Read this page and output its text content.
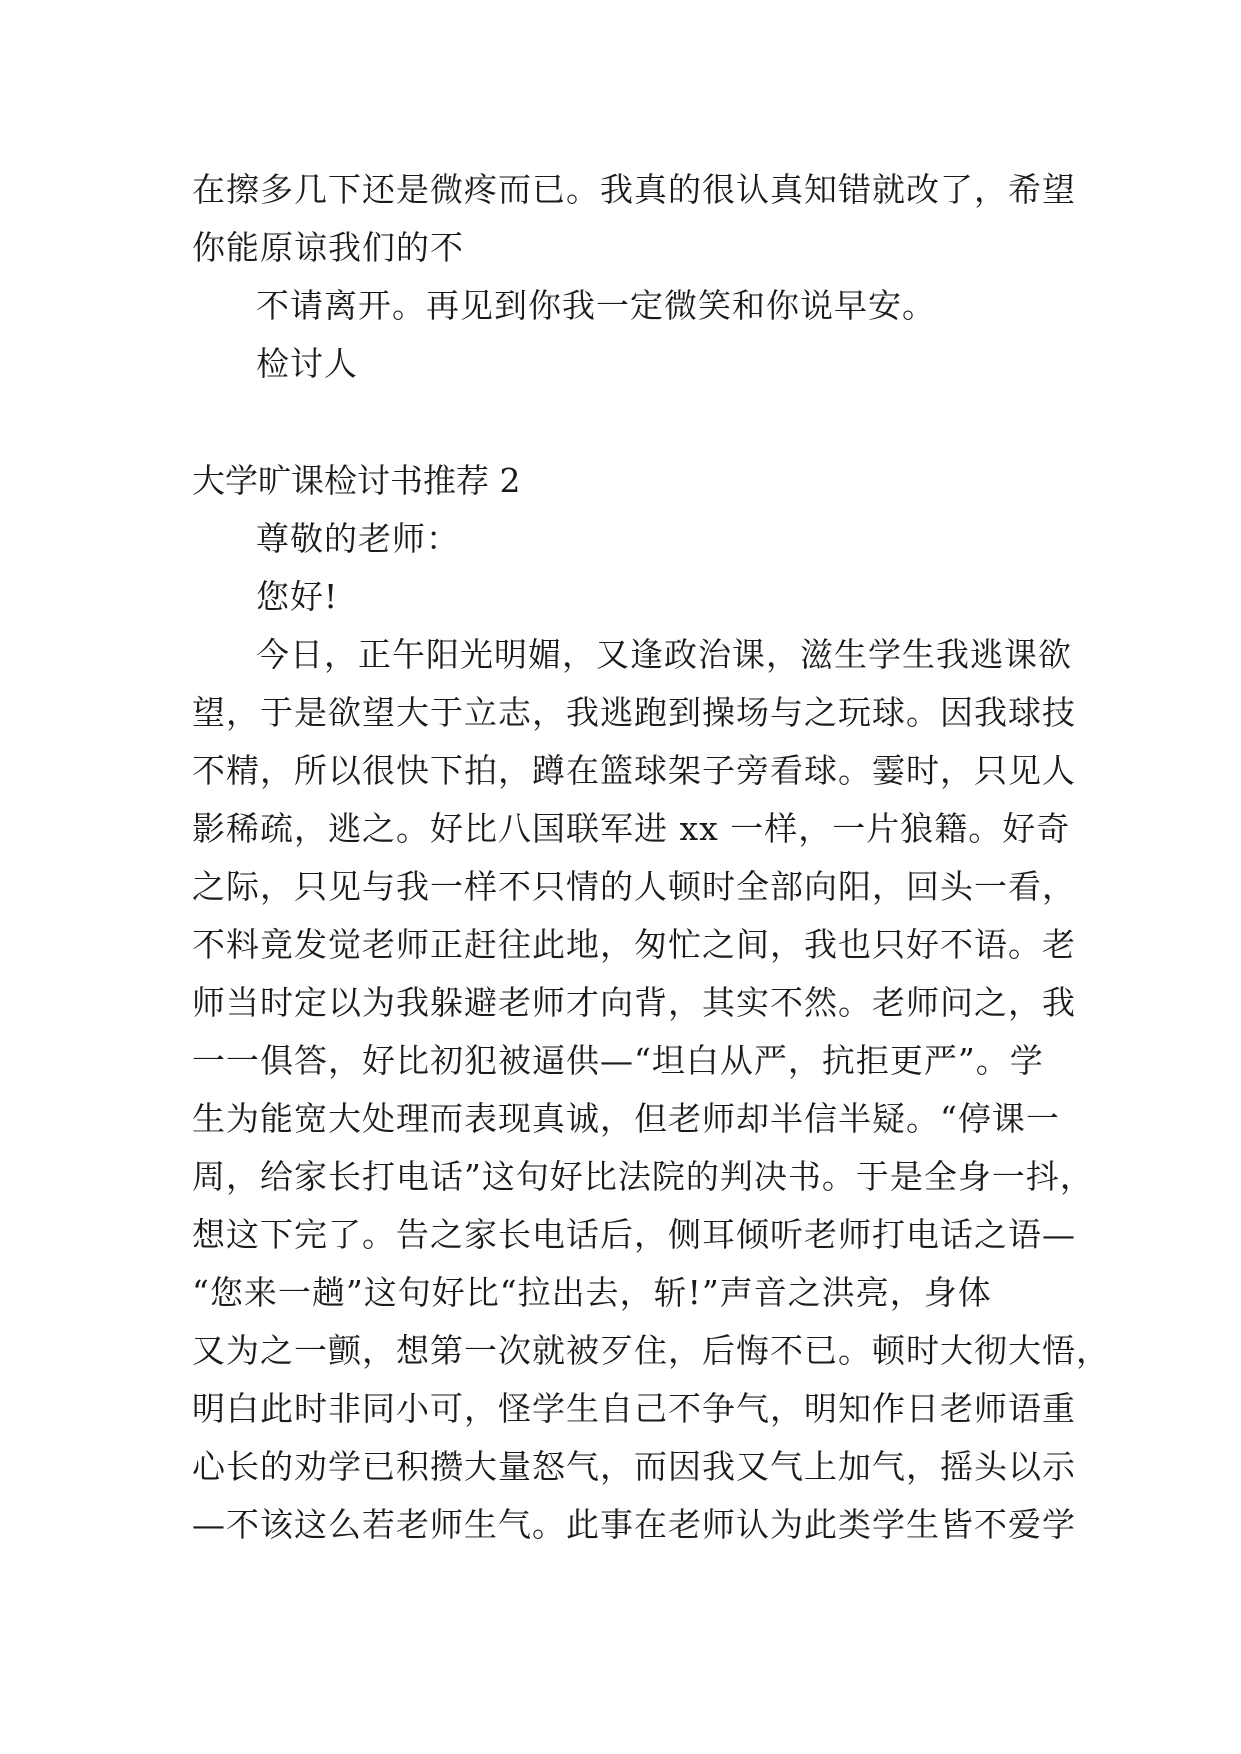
在擦多几下还是微疼而已。我真的很认真知错就改了，希望
你能原谅我们的不
不请离开。再见到你我一定微笑和你说早安。
检讨人
大学旷课检讨书推荐 2
尊敬的老师：
您好!
今日，正午阳光明媚，又逢政治课，滋生学生我逃课欲
望，于是欲望大于立志，我逃跑到操场与之玩球。因我球技
不精，所以很快下拍，蹲在篮球架子旁看球。霎时，只见人
影稀疏，逃之。好比八国联军进 xx 一样，一片狼籍。好奇
之际，只见与我一样不只情的人顿时全部向阳，回头一看，
不料竟发觉老师正赶往此地，匆忙之间，我也只好不语。老
师当时定以为我躲避老师才向背，其实不然。老师问之，我
一一俱答，好比初犯被逼供—“坦白从严，抗拒更严”。学
生为能宽大处理而表现真诚，但老师却半信半疑。“停课一
周，给家长打电话”这句好比法院的判决书。于是全身一抖，
想这下完了。告之家长电话后，侧耳倾听老师打电话之语—
“您来一趟”这句好比“拉出去，斩!”声音之洪亮，身体
又为之一颤，想第一次就被歹住，后悔不已。顿时大彻大悟，
明白此时非同小可，怪学生自己不争气，明知作日老师语重
心长的劝学已积攒大量怒气，而因我又气上加气，摇头以示
—不该这么若老师生气。此事在老师认为此类学生皆不爱学
